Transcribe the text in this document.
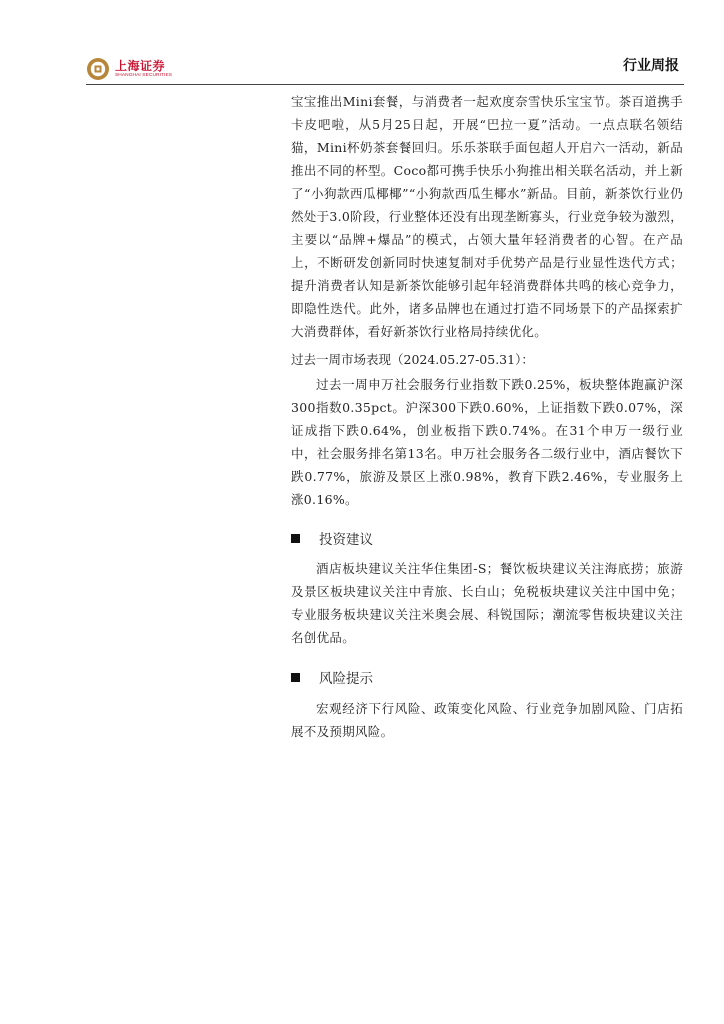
上海证券
SHANGHAI SECURITIES
行业周报

宝宝推出Mini套餐，与消费者一起欢度奈雪快乐宝宝节。茶百道携手卡皮吧啦，从5月25日起，开展“巴拉一夏”活动。一点点联名领结猫，Mini杯奶茶套餐回归。乐乐茶联手面包超人开启六一活动，新品推出不同的杯型。Coco都可携手快乐小狗推出相关联名活动，并上新了“小狗款西瓜椰椰”“小狗款西瓜生椰水”新品。目前，新茶饮行业仍然处于3.0阶段，行业整体还没有出现垄断寡头，行业竞争较为激烈，主要以“品牌+爆品”的模式，占领大量年轻消费者的心智。在产品上，不断研发创新同时快速复制对手优势产品是行业显性迭代方式；提升消费者认知是新茶饮能够引起年轻消费群体共鸣的核心竞争力，即隐性迭代。此外，诸多品牌也在通过打造不同场景下的产品探索扩大消费群体，看好新茶饮行业格局持续优化。

过去一周市场表现（2024.05.27-05.31）：

过去一周申万社会服务行业指数下跌0.25%，板块整体跑赢沪深300指数0.35pct。沪深300下跌0.60%，上证指数下跌0.07%，深证成指下跌0.64%，创业板指下跌0.74%。在31个申万一级行业中，社会服务排名第13名。申万社会服务各二级行业中，酒店餐饮下跌0.77%，旅游及景区上涨0.98%，教育下跌2.46%，专业服务上涨0.16%。

投资建议

酒店板块建议关注华住集团-S；餐饮板块建议关注海底捞；旅游及景区板块建议关注中青旅、长白山；免税板块建议关注中国中免；专业服务板块建议关注米奥会展、科锐国际；潮流零售板块建议关注名创优品。

风险提示

宏观经济下行风险、政策变化风险、行业竞争加剧风险、门店拓展不及预期风险。
